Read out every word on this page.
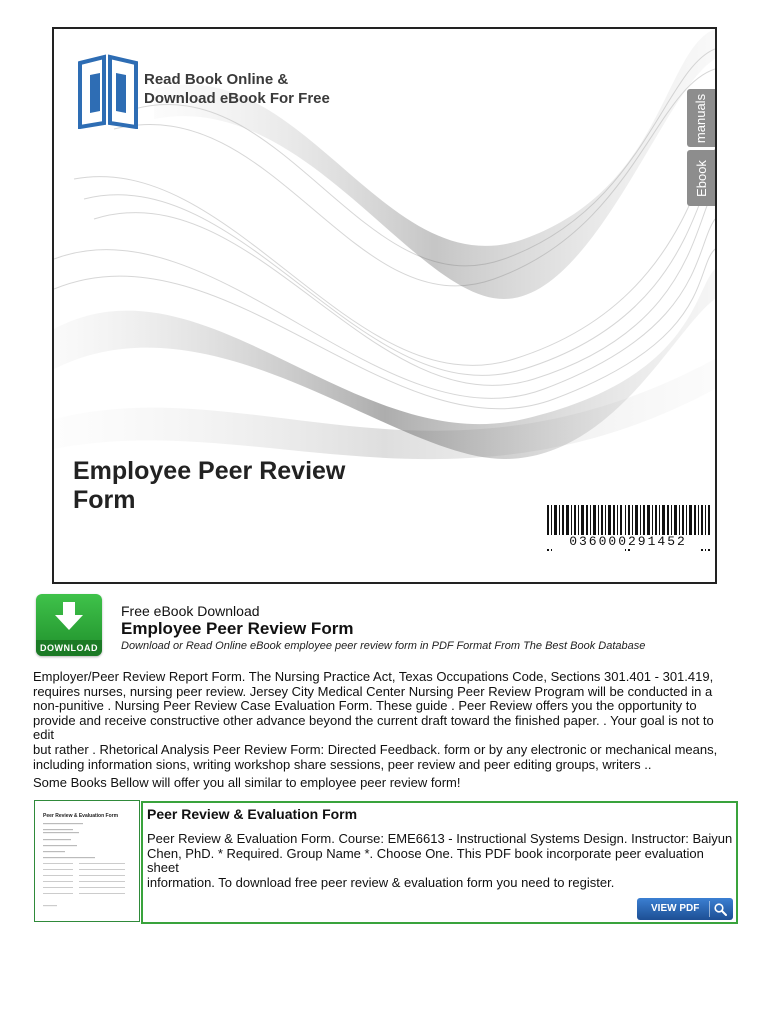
Read Book Online &
Download eBook For Free	manuals
Ebook
Employee Peer Review
Form
036000291452
DOWNLOAD
Free eBook Download
Employee Peer Review Form
Download or Read Online eBook employee peer review form in PDF Format From The Best Book Database
Employer/Peer Review Report Form. The Nursing Practice Act, Texas Occupations Code, Sections 301.401 - 301.419,
requires nurses, nursing peer review. Jersey City Medical Center Nursing Peer Review Program will be conducted in a
non-punitive . Nursing Peer Review Case Evaluation Form. These guide . Peer Review offers you the opportunity to
provide and receive constructive other advance beyond the current draft toward the finished paper. . Your goal is not to edit
but rather . Rhetorical Analysis Peer Review Form: Directed Feedback. form or by any electronic or mechanical means,
including information sions, writing workshop share sessions, peer review and peer editing groups, writers ..
Some Books Bellow will offer you all similar to employee peer review form!
Peer Review & Evaluation Form Peer Review & Evaluation Form
Peer Review & Evaluation Form. Course: EME6613 - Instructional Systems Design. Instructor: Baiyun
Chen, PhD. * Required. Group Name *. Choose One. This PDF book incorporate peer evaluation sheet
information. To download free peer review & evaluation form you need to register.
VIEW PDF
